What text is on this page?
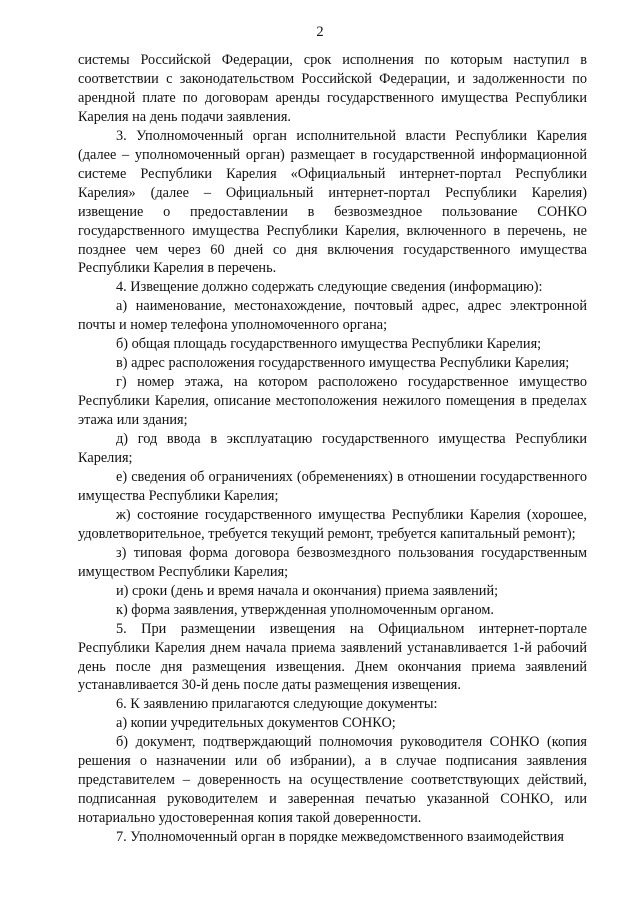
2

системы Российской Федерации, срок исполнения по которым наступил в соответствии с законодательством Российской Федерации, и задолженности по арендной плате по договорам аренды государственного имущества Республики Карелия на день подачи заявления.

3. Уполномоченный орган исполнительной власти Республики Карелия (далее – уполномоченный орган) размещает в государственной информационной системе Республики Карелия «Официальный интернет-портал Республики Карелия» (далее – Официальный интернет-портал Республики Карелия) извещение о предоставлении в безвозмездное пользование СОНКО государственного имущества Республики Карелия, включенного в перечень, не позднее чем через 60 дней со дня включения государственного имущества Республики Карелия в перечень.

4. Извещение должно содержать следующие сведения (информацию):

а) наименование, местонахождение, почтовый адрес, адрес электронной почты и номер телефона уполномоченного органа;

б) общая площадь государственного имущества Республики Карелия;

в) адрес расположения государственного имущества Республики Карелия;

г) номер этажа, на котором расположено государственное имущество Республики Карелия, описание местоположения нежилого помещения в пределах этажа или здания;

д) год ввода в эксплуатацию государственного имущества Республики Карелия;

е) сведения об ограничениях (обременениях) в отношении государственного имущества Республики Карелия;

ж) состояние государственного имущества Республики Карелия (хорошее, удовлетворительное, требуется текущий ремонт, требуется капитальный ремонт);

з) типовая форма договора безвозмездного пользования государственным имуществом Республики Карелия;

и) сроки (день и время начала и окончания) приема заявлений;

к) форма заявления, утвержденная уполномоченным органом.

5. При размещении извещения на Официальном интернет-портале Республики Карелия днем начала приема заявлений устанавливается 1-й рабочий день после дня размещения извещения. Днем окончания приема заявлений устанавливается 30-й день после даты размещения извещения.

6. К заявлению прилагаются следующие документы:

а) копии учредительных документов СОНКО;

б) документ, подтверждающий полномочия руководителя СОНКО (копия решения о назначении или об избрании), а в случае подписания заявления представителем – доверенность на осуществление соответствующих действий, подписанная руководителем и заверенная печатью указанной СОНКО, или нотариально удостоверенная копия такой доверенности.

7. Уполномоченный орган в порядке межведомственного взаимодействия
